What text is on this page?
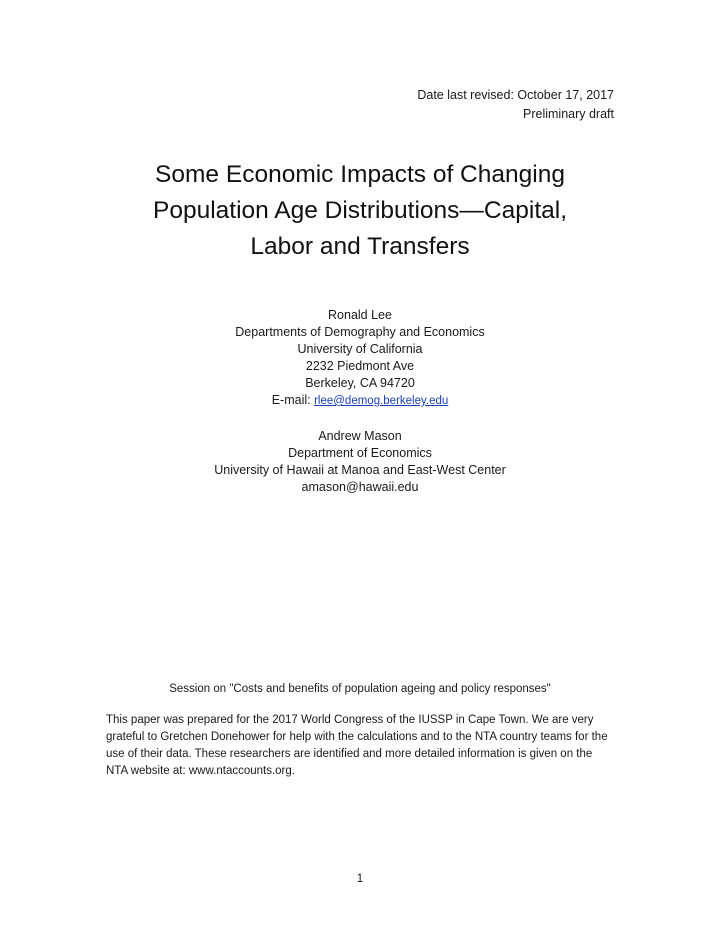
Date last revised: October 17, 2017
Preliminary draft
Some Economic Impacts of Changing
Population Age Distributions—Capital,
Labor and Transfers
Ronald Lee
Departments of Demography and Economics
University of California
2232 Piedmont Ave
Berkeley, CA 94720
E-mail: rlee@demog.berkeley.edu
Andrew Mason
Department of Economics
University of Hawaii at Manoa and East-West Center
amason@hawaii.edu
Session on "Costs and benefits of population ageing and policy responses"
This paper was prepared for the 2017 World Congress of the IUSSP in Cape Town. We are very grateful to Gretchen Donehower for help with the calculations and to the NTA country teams for the use of their data. These researchers are identified and more detailed information is given on the NTA website at: www.ntaccounts.org.
1
